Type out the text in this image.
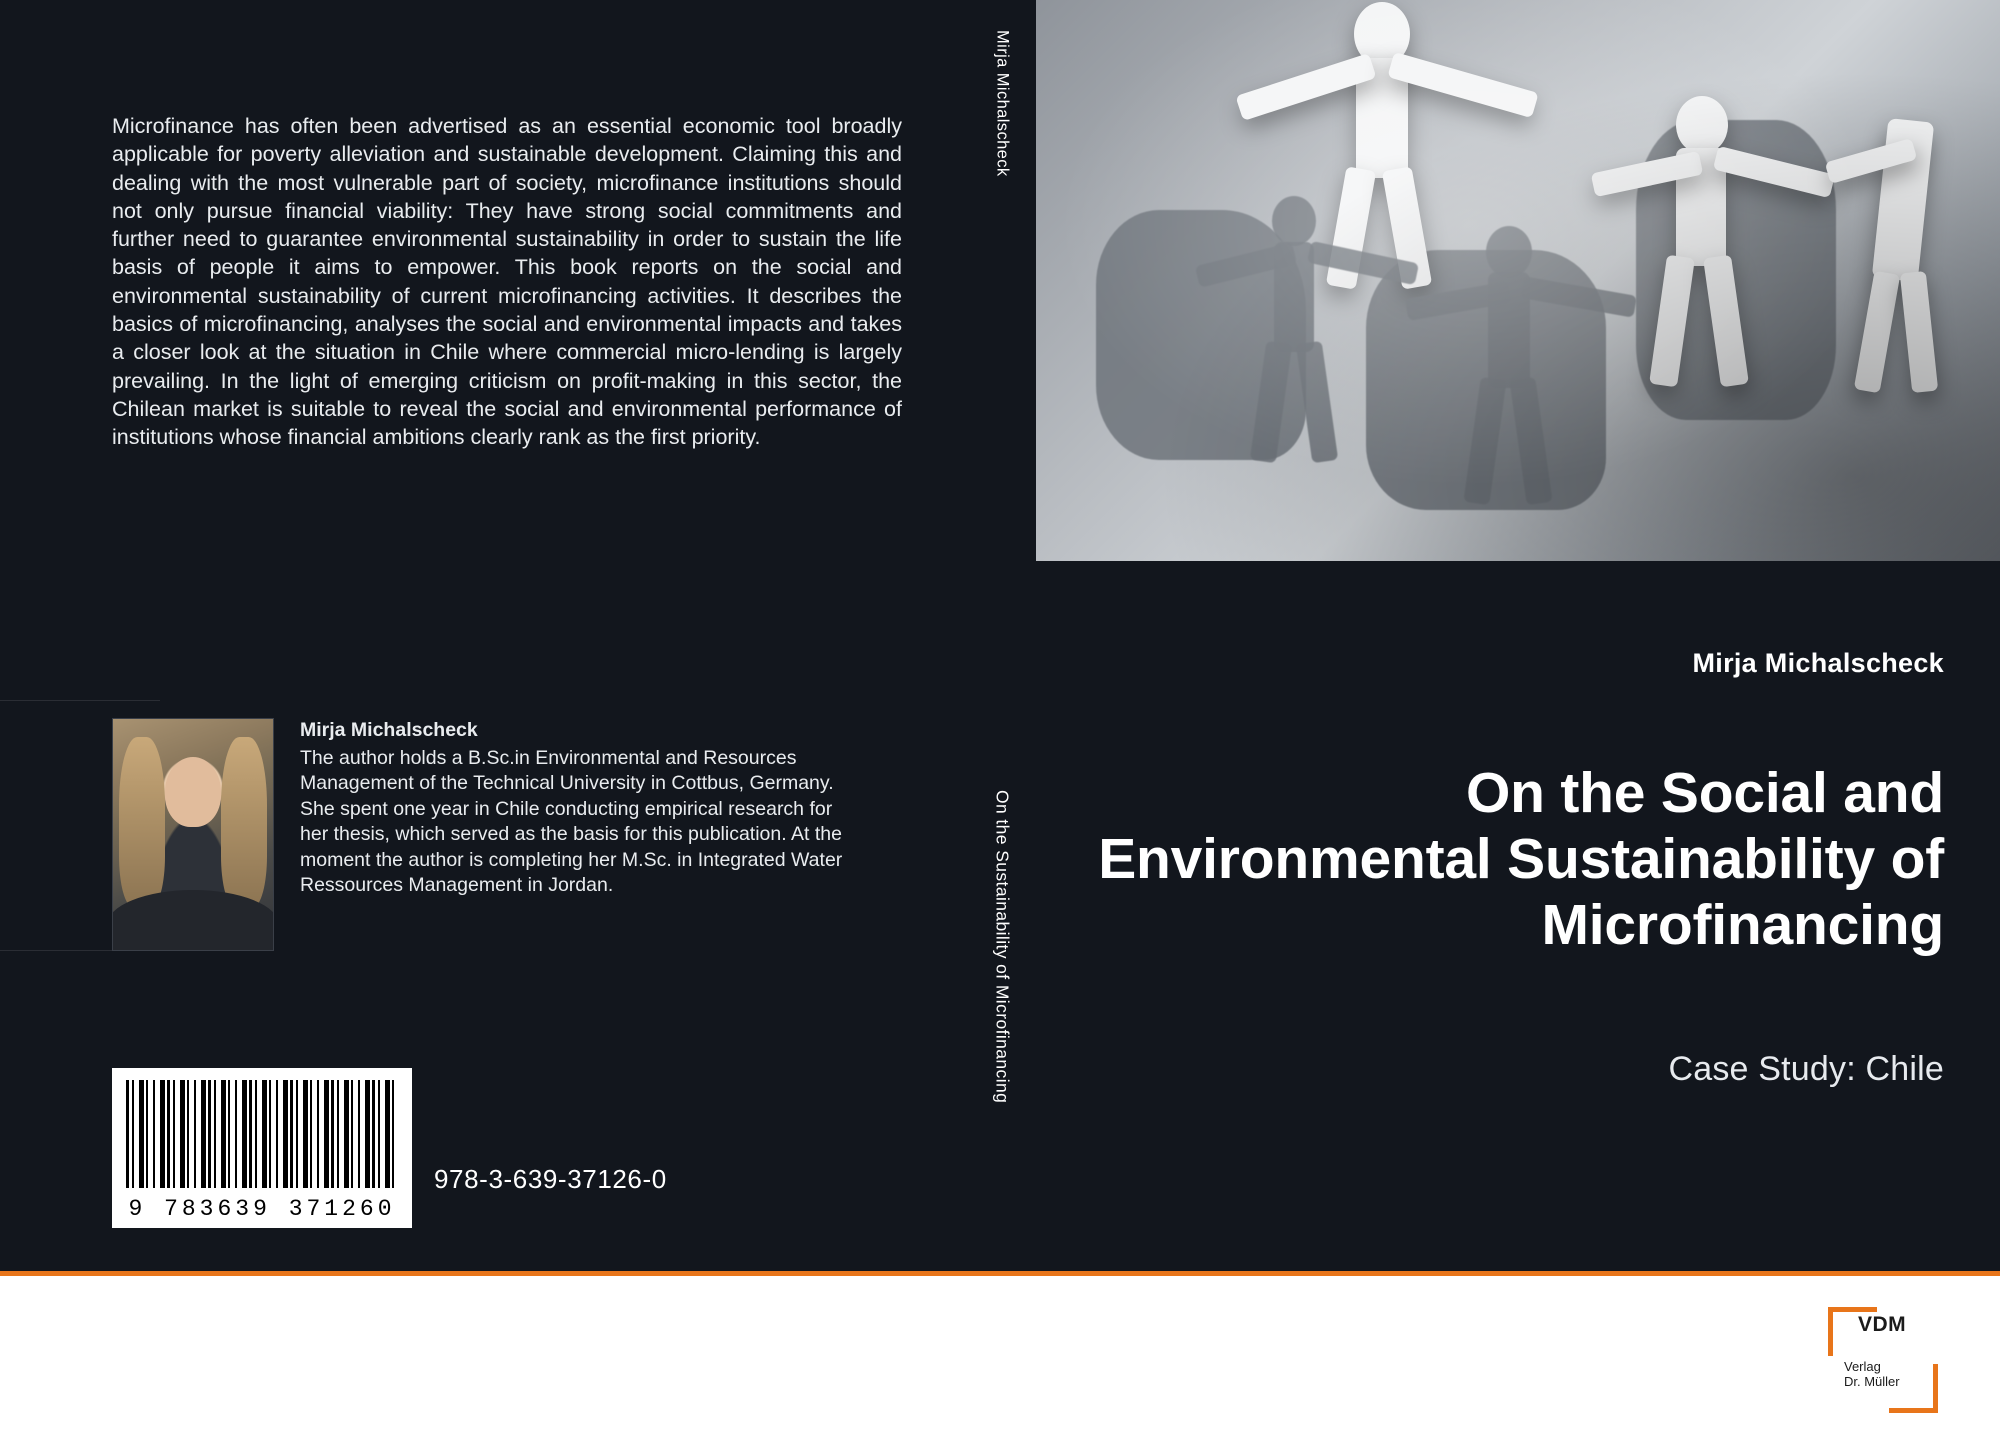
Microfinance has often been advertised as an essential economic tool broadly applicable for poverty alleviation and sustainable development. Claiming this and dealing with the most vulnerable part of society, microfinance institutions should not only pursue financial viability: They have strong social commitments and further need to guarantee environmental sustainability in order to sustain the life basis of people it aims to empower. This book reports on the social and environmental sustainability of current microfinancing activities. It describes the basics of microfinancing, analyses the social and environmental impacts and takes a closer look at the situation in Chile where commercial micro-lending is largely prevailing. In the light of emerging criticism on profit-making in this sector, the Chilean market is suitable to reveal the social and environmental performance of institutions whose financial ambitions clearly rank as the first priority.
Mirja Michalscheck
The author holds a B.Sc.in Environmental and Resources Management of the Technical University in Cottbus, Germany. She spent one year in Chile conducting empirical research for her thesis, which served as the basis for this publication. At the moment the author is completing her M.Sc. in Integrated Water Ressources Management in Jordan.
9 783639 371260
978-3-639-37126-0
Mirja Michalscheck
On the Sustainability of Microfinancing
Mirja Michalscheck
On the Social and Environmental Sustainability of Microfinancing
Case Study: Chile
VDM
Verlag
Dr. Müller
